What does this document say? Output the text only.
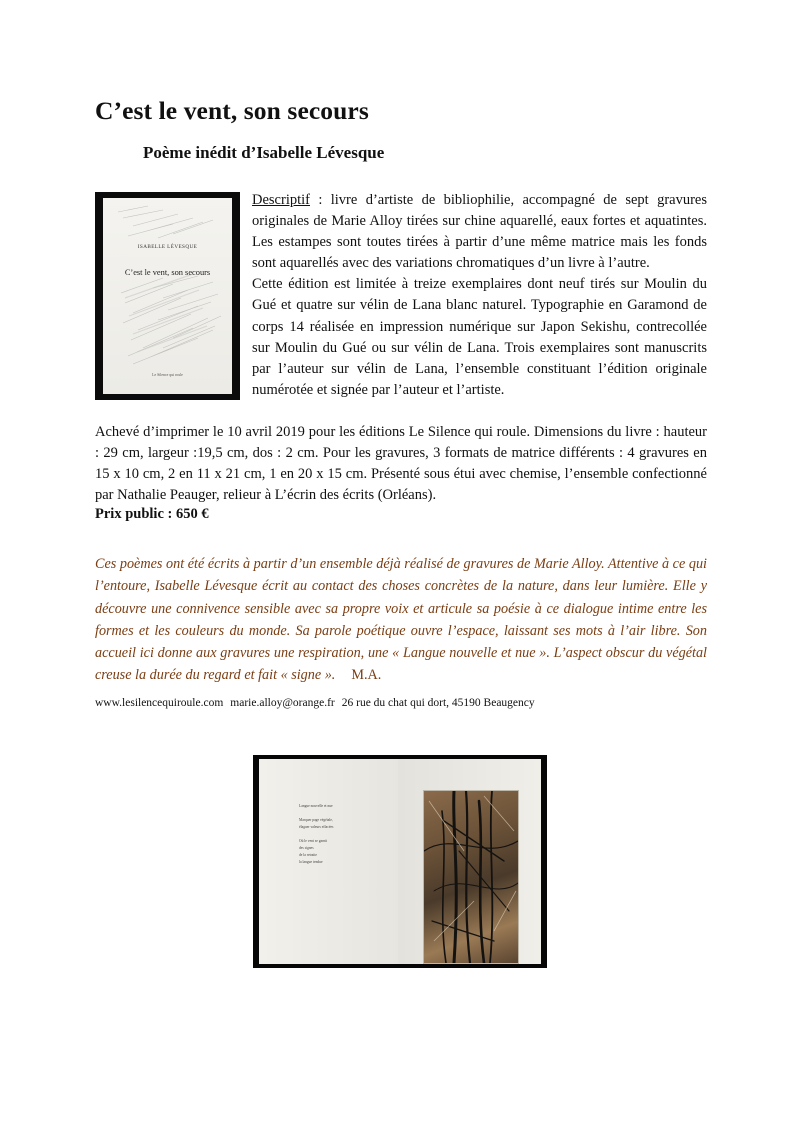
C’est le vent, son secours
Poème inédit d’Isabelle Lévesque
ISABELLE LÉVESQUE
C’est le vent, son secours
Le Silence qui roule

Descriptif : livre d’artiste de bibliophilie, accompagné de sept gravures originales de Marie Alloy tirées sur chine aquarellé, eaux fortes et aquatintes. Les estampes sont toutes tirées à partir d’une même matrice mais les fonds sont aquarellés avec des variations chromatiques d’un livre à l’autre.

Cette édition est limitée à treize exemplaires dont neuf tirés sur Moulin du Gué et quatre sur vélin de Lana blanc naturel. Typographie en Garamond de corps 14 réalisée en impression numérique sur Japon Sekishu, contrecollée sur Moulin du Gué ou sur vélin de Lana. Trois exemplaires sont manuscrits par l’auteur sur vélin de Lana, l’ensemble constituant l’édition originale numérotée et signée par l’auteur et l’artiste.

Achevé d’imprimer le 10 avril 2019 pour les éditions Le Silence qui roule. Dimensions du livre : hauteur : 29 cm, largeur :19,5 cm, dos : 2 cm. Pour les gravures, 3 formats de matrice différents : 4 gravures en 15 x 10 cm, 2 en 11 x 21 cm, 1 en 20 x 15 cm. Présenté sous étui avec chemise, l’ensemble confectionné par Nathalie Peauger, relieur à L’écrin des écrits (Orléans).

Prix public : 650 €

Ces poèmes ont été écrits à partir d’un ensemble déjà réalisé de gravures de Marie Alloy. Attentive à ce qui l’entoure, Isabelle Lévesque écrit au contact des choses concrètes de la nature, dans leur lumière. Elle y découvre une connivence sensible avec sa propre voix et articule sa poésie à ce dialogue intime entre les formes et les couleurs du monde. Sa parole poétique ouvre l’espace, laissant ses mots à l’air libre. Son accueil ici donne aux gravures une respiration, une « Langue nouvelle et nue ». L’aspect obscur du végétal creuse la durée du regard et fait « signe ». M.A.

www.lesilencequiroule.com marie.alloy@orange.fr 26 rue du chat qui dort, 45190 Beaugency

Langue nouvelle et nue

Marquer page végétale,
élaguer valeurs effacées

Où le vent se garnit
des signes
de la retraite
la langue tendue
